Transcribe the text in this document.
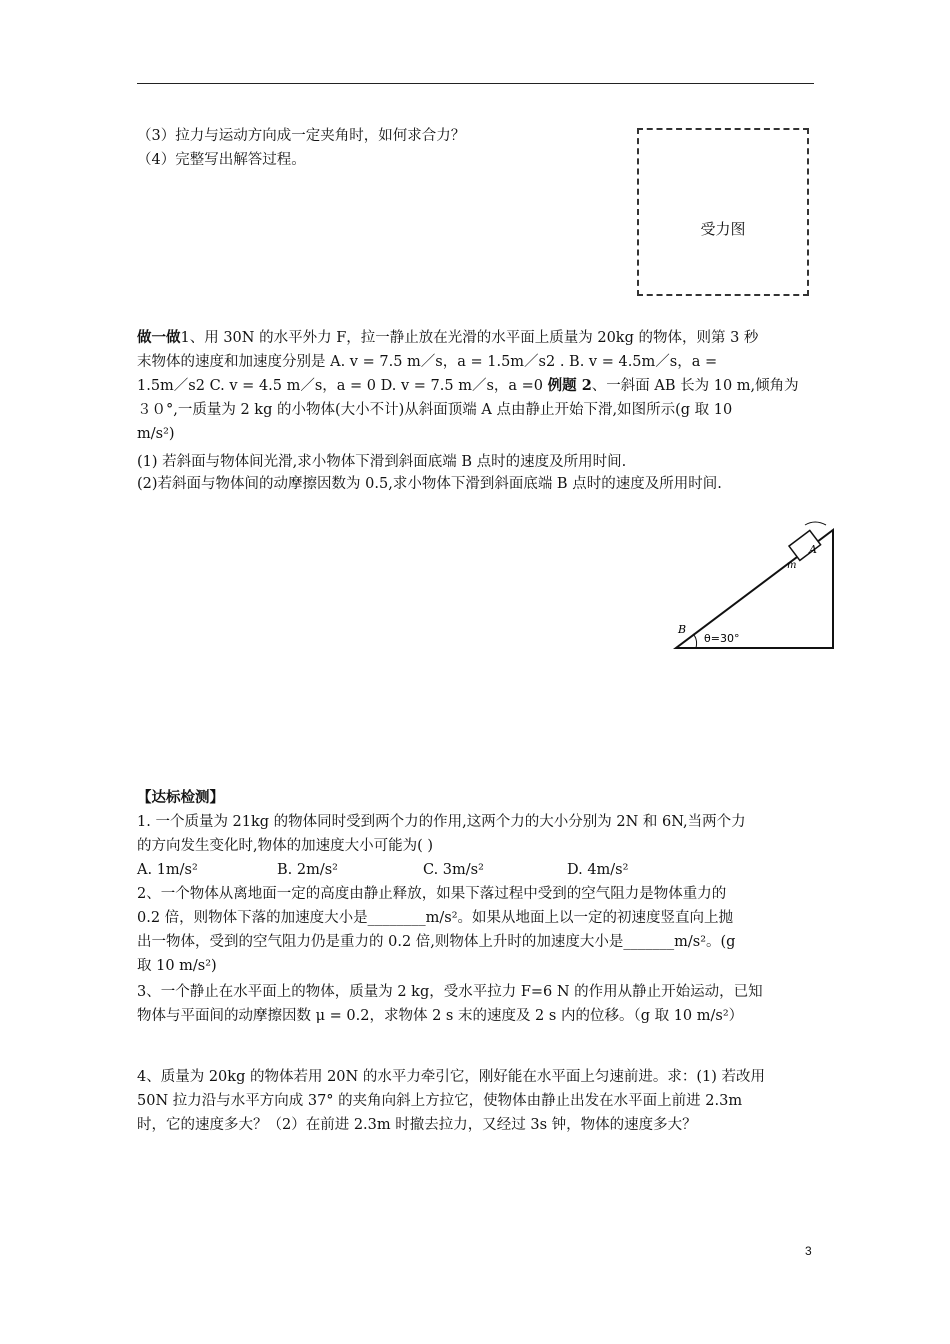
（3）拉力与运动方向成一定夹角时，如何求合力？
（4）完整写出解答过程。
受力图
做一做1、用 30N 的水平外力 F，拉一静止放在光滑的水平面上质量为 20kg 的物体，则第 3 秒
末物体的速度和加速度分别是 A. v = 7.5 m／s，a = 1.5m／s2 . B. v = 4.5m／s，a =
1.5m／s2 C. v = 4.5 m／s，a = 0 D. v = 7.5 m／s，a =0 例题 2、一斜面 AB 长为 10 m,倾角为
３０°,一质量为 2 kg 的小物体(大小不计)从斜面顶端 A 点由静止开始下滑,如图所示(g 取 10
m/s²)
(1) 若斜面与物体间光滑,求小物体下滑到斜面底端 B 点时的速度及所用时间.
(2)若斜面与物体间的动摩擦因数为 0.5,求小物体下滑到斜面底端 B 点时的速度及所用时间.
A
m
B
θ=30°
【达标检测】
1. 一个质量为 21kg 的物体同时受到两个力的作用,这两个力的大小分别为 2N 和 6N,当两个力
的方向发生变化时,物体的加速度大小可能为( )
A. 1m/s²	B. 2m/s²	C. 3m/s²	D. 4m/s²
2、一个物体从离地面一定的高度由静止释放，如果下落过程中受到的空气阻力是物体重力的
0.2 倍，则物体下落的加速度大小是________m/s²。如果从地面上以一定的初速度竖直向上抛
出一物体，受到的空气阻力仍是重力的 0.2 倍,则物体上升时的加速度大小是_______m/s²。(g
取 10 m/s²)
3、一个静止在水平面上的物体，质量为 2 kg，受水平拉力 F=6 N 的作用从静止开始运动，已知
物体与平面间的动摩擦因数 μ = 0.2，求物体 2 s 末的速度及 2 s 内的位移。（g 取 10 m/s²）
4、质量为 20kg 的物体若用 20N 的水平力牵引它，刚好能在水平面上匀速前进。求：(1) 若改用
50N 拉力沿与水平方向成 37° 的夹角向斜上方拉它，使物体由静止出发在水平面上前进 2.3m
时，它的速度多大？（2）在前进 2.3m 时撤去拉力，又经过 3s 钟，物体的速度多大？
3
